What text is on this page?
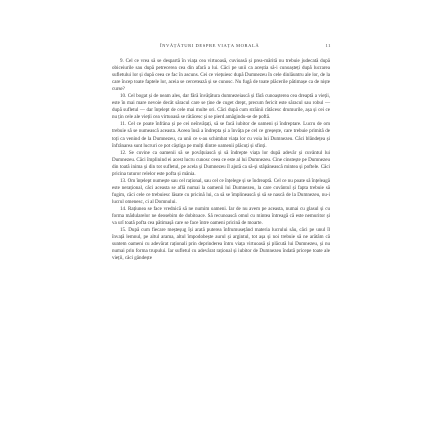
ÎNVĂȚĂTURI DESPRE VIAȚA MORALĂ	11

9. Cel ce vrea să se despartă în viața cea virtuoasă, cuvioasă și prea-mărită nu trebuie judecată după obiceiurile sau după petrecerea cea din afară a lui. Căci pe unii ca aceștia să-i cunoașteți după lucrarea sufletului lor și după ceea ce fac în ascuns. Cei ce viețuiesc după Dumnezeu în cele dinlăuntru ale lor, de la care încep toate faptele lor, aceia se cercetează și se cunosc. Nu fugă de toate plăcerile pătimașe ca de niște curse?

10. Cel bogat și de neam ales, dar fără învățătura dumnezeiască și fără cunoașterea cea dreaptă a vieții, este în mai mare nevoie decât săracul care se ține de cuget drept, precum fericit este săracul sau robul — după sufletul — dar înțelept de cele mai multe ori. Căci după cum străinii rătăcesc drumurile, așa și cei ce nu țin cele ale vieții cea virtuoasă se rătăcesc și se pierd amăgindu-se de poftă.

11. Cel ce poate înfrâna și pe cei neînvățați, să se facă iubitor de oameni și îndreptare. Lucru de om trebuie să se numească aceasta. Aceea însă a îndrepta și a învăța pe cel ce greșește, care trebuie primită de toți ca venind de la Dumnezeu, ca unii ce s-au schimbat viața lor cu voia lui Dumnezeu. Căci blândețea și înfrânarea sunt lucruri ce pot câștiga pe mulți dintre oamenii plăcuți și sfinți.

12. Se cuvine ca oamenii să se povățuiască și să îndrepte viața lor după adevăr și cuvântul lui Dumnezeu. Căci împlinind ei acest lucru cunosc ceea ce este al lui Dumnezeu. Cine cinstește pe Dumnezeu din toată inima și din tot sufletul, pe acela și Dumnezeu îl ajută ca să-și stăpânească mintea și poftele. Căci pricina tuturor relelor este pofta și mânia.

13. Om înțelept numește sau cel rațional, sau cel ce înțelege și se îndreaptă. Cel ce nu poate să înțeleagă este nerațional, căci aceasta se află numai la oamenii lui Dumnezeu, la care cuvântul și fapta trebuie să fugim, căci cele ce trebuiesc lăsate cu pricină lui, ca să se împlinească și să se nască de la Dumnezeu, nu-i lucrul omenesc, ci al Domnului.

14. Rațiunea se face vrednică să ne numim oameni. Iar de nu avem pe aceasta, numai cu glasul și cu forma mădularelor ne deosebim de dobitoace. Să recunoască omul cu mintea întreagă că este nemuritor și va urî toată pofta cea pătimașă care se face între oameni pricină de moarte.

15. După cum fiecare meșteșug își arată puterea înfrumusețând materia lucrului său, căci pe unul îl învață lemnul, pe altul arama, altul împodobește aurul și argintul, tot așa și noi trebuie să ne arătăm că suntem oameni cu adevărat raționali prin deprinderea întru viața virtuoasă și plăcută lui Dumnezeu, și nu numai prin forma trupului. Iar sufletul cu adevărat rațional și iubitor de Dumnezeu îndată pricepe toate ale vieții, căci gândește
